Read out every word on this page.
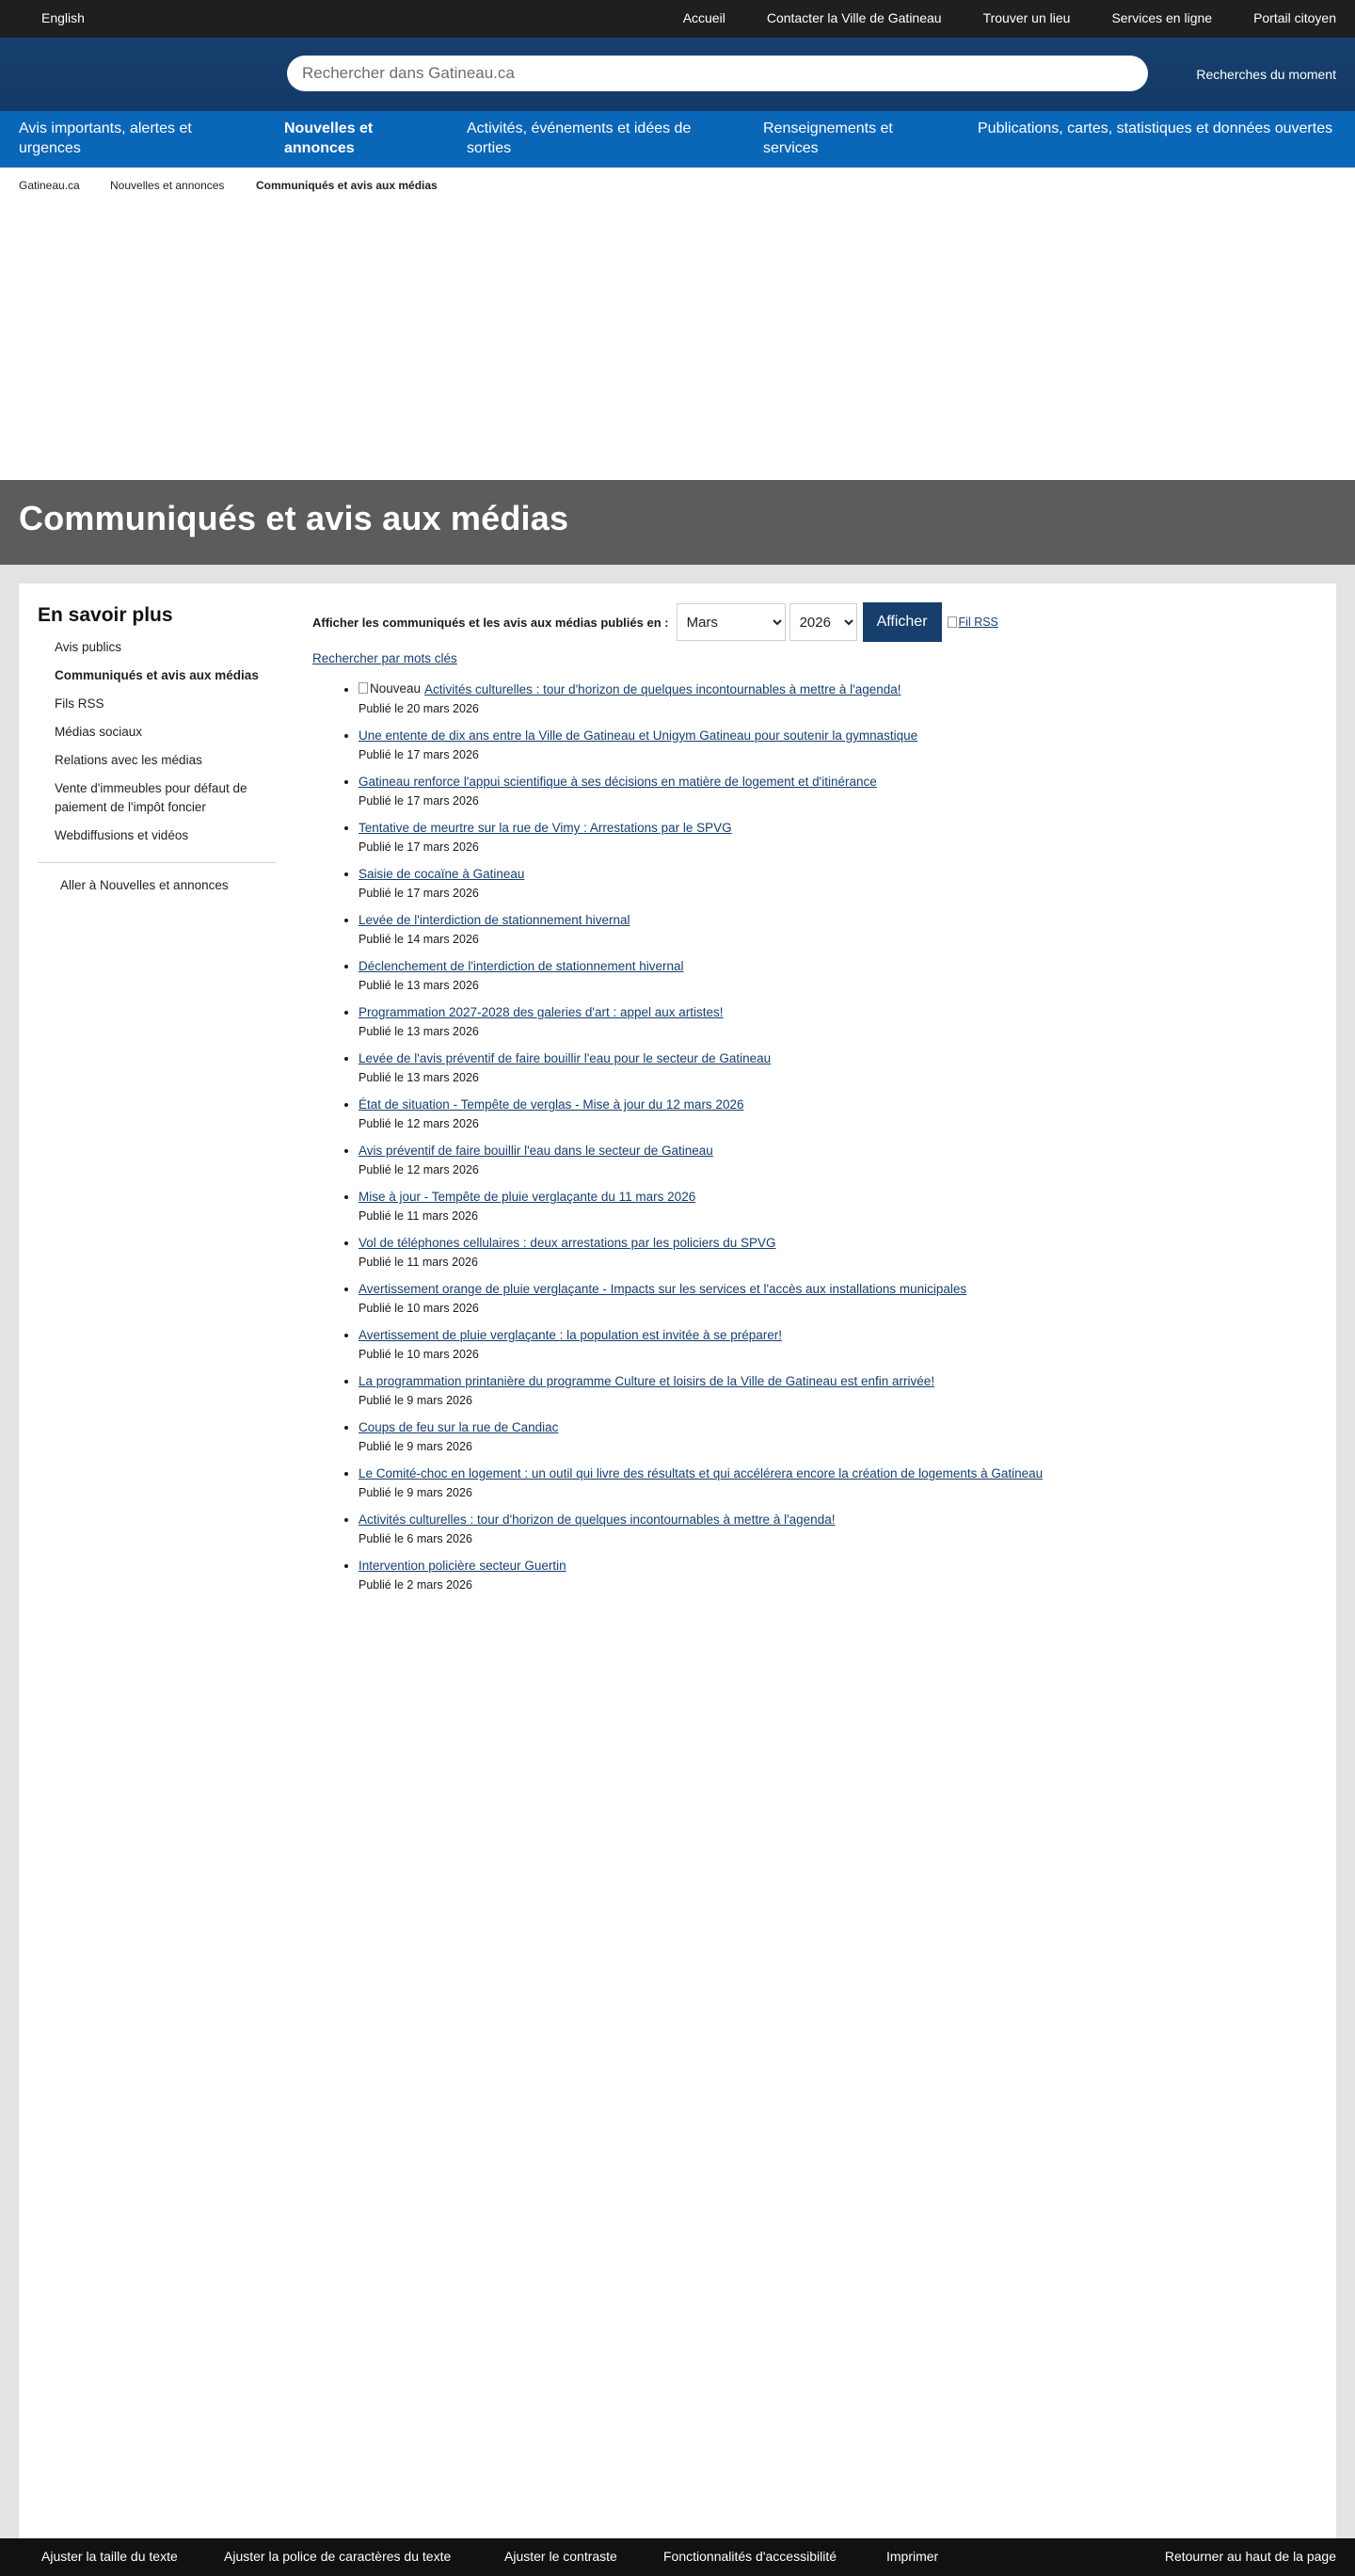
English	Accueil	Contacter la Ville de Gatineau	Trouver un lieu	Services en ligne	Portail citoyen
Rechercher dans Gatineau.ca
Recherches du moment
Avis importants, alertes et urgences
Nouvelles et annonces
Activités, événements et idées de sorties
Renseignements et services
Publications, cartes, statistiques et données ouvertes
Gatineau.ca	Nouvelles et annonces	Communiqués et avis aux médias
Communiqués et avis aux médias
En savoir plus
Avis publics
Communiqués et avis aux médias
Fils RSS
Médias sociaux
Relations avec les médias
Vente d'immeubles pour défaut de paiement de l'impôt foncier
Webdiffusions et vidéos
Aller à Nouvelles et annonces
Afficher les communiqués et les avis aux médias publiés en :
Mars
2026	Afficher	Fil RSS
Rechercher par mots clés
• Nouveau Activités culturelles : tour d'horizon de quelques incontournables à mettre à l'agenda!
Publié le 20 mars 2026
• Une entente de dix ans entre la Ville de Gatineau et Unigym Gatineau pour soutenir la gymnastique
Publié le 17 mars 2026
• Gatineau renforce l'appui scientifique à ses décisions en matière de logement et d'itinérance
Publié le 17 mars 2026
• Tentative de meurtre sur la rue de Vimy : Arrestations par le SPVG
Publié le 17 mars 2026
• Saisie de cocaïne à Gatineau
Publié le 17 mars 2026
• Levée de l'interdiction de stationnement hivernal
Publié le 14 mars 2026
• Déclenchement de l'interdiction de stationnement hivernal
Publié le 13 mars 2026
• Programmation 2027-2028 des galeries d'art : appel aux artistes!
Publié le 13 mars 2026
• Levée de l'avis préventif de faire bouillir l'eau pour le secteur de Gatineau
Publié le 13 mars 2026
• État de situation - Tempête de verglas - Mise à jour du 12 mars 2026
Publié le 12 mars 2026
• Avis préventif de faire bouillir l'eau dans le secteur de Gatineau
Publié le 12 mars 2026
• Mise à jour - Tempête de pluie verglaçante du 11 mars 2026
Publié le 11 mars 2026
• Vol de téléphones cellulaires : deux arrestations par les policiers du SPVG
Publié le 11 mars 2026
• Avertissement orange de pluie verglaçante - Impacts sur les services et l'accès aux installations municipales
Publié le 10 mars 2026
• Avertissement de pluie verglaçante : la population est invitée à se préparer!
Publié le 10 mars 2026
• La programmation printanière du programme Culture et loisirs de la Ville de Gatineau est enfin arrivée!
Publié le 9 mars 2026
• Coups de feu sur la rue de Candiac
Publié le 9 mars 2026
• Le Comité-choc en logement : un outil qui livre des résultats et qui accélérera encore la création de logements à Gatineau
Publié le 9 mars 2026
• Activités culturelles : tour d'horizon de quelques incontournables à mettre à l'agenda!
Publié le 6 mars 2026
• Intervention policière secteur Guertin
Publié le 2 mars 2026
Ajuster la taille du texte	Ajuster la police de caractères du texte	Ajuster le contraste	Fonctionnalités d'accessibilité	Imprimer	Retourner au haut de la page
